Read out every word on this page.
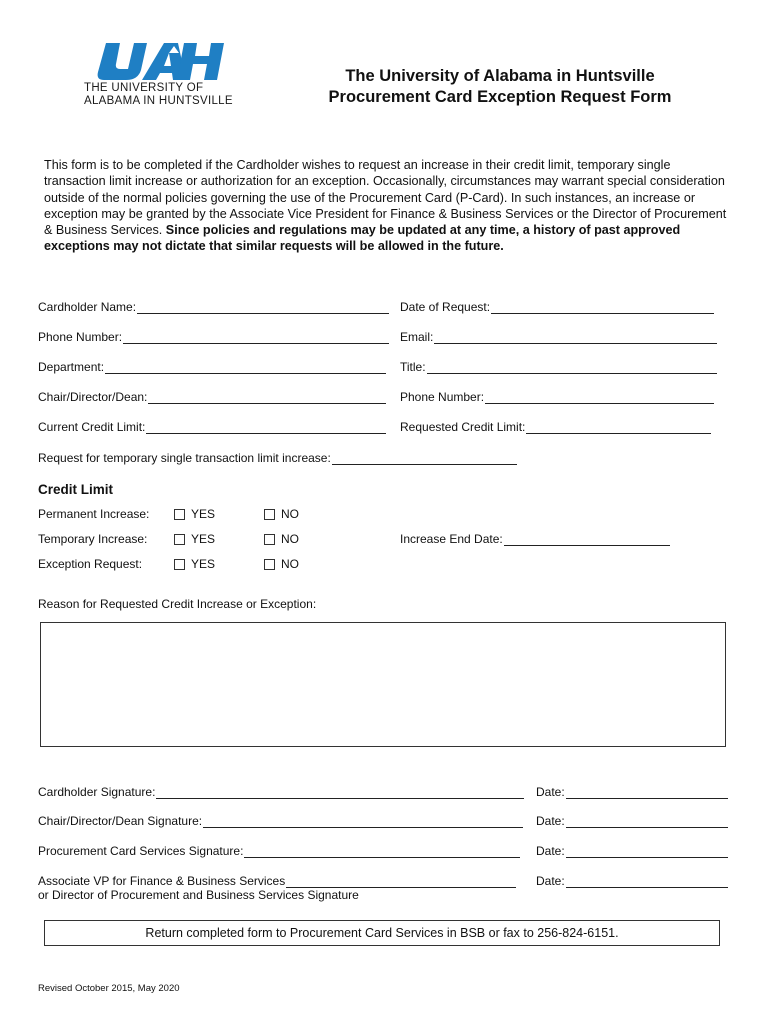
THE UNIVERSITY OF
ALABAMA IN HUNTSVILLE
The University of Alabama in Huntsville
Procurement Card Exception Request Form
This form is to be completed if the Cardholder wishes to request an increase in their credit limit, temporary single transaction limit increase or authorization for an exception. Occasionally, circumstances may warrant special consideration outside of the normal policies governing the use of the Procurement Card (P-Card). In such instances, an increase or exception may be granted by the Associate Vice President for Finance & Business Services or the Director of Procurement & Business Services. Since policies and regulations may be updated at any time, a history of past approved exceptions may not dictate that similar requests will be allowed in the future.
Cardholder Name:	Date of Request:
Phone Number:	Email:
Department:	Title:
Chair/Director/Dean:	Phone Number:
Current Credit Limit:	Requested Credit Limit:
Request for temporary single transaction limit increase:
Credit Limit
Permanent Increase:	YES	NO
Temporary Increase:	YES	NO	Increase End Date:
Exception Request:	YES	NO
Reason for Requested Credit Increase or Exception:
Cardholder Signature:	Date:
Chair/Director/Dean Signature:	Date:
Procurement Card Services Signature:	Date:
Associate VP for Finance & Business Services
or Director of Procurement and Business Services Signature
Date:
Return completed form to Procurement Card Services in BSB or fax to 256-824-6151.
Revised October 2015, May 2020
